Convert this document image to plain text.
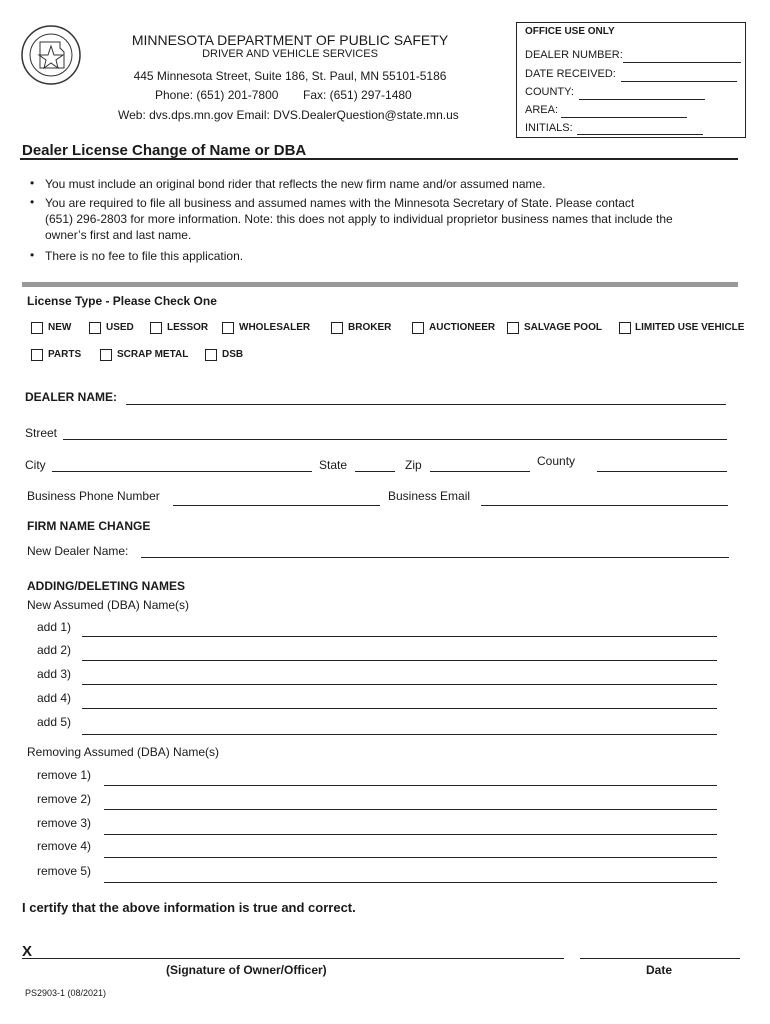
MINNESOTA DEPARTMENT OF PUBLIC SAFETY
DRIVER AND VEHICLE SERVICES
445 Minnesota Street, Suite 186, St. Paul, MN 55101-5186
Phone: (651) 201-7800 Fax: (651) 297-1480
Web: dvs.dps.mn.gov Email: DVS.DealerQuestion@state.mn.us
OFFICE USE ONLY
DEALER NUMBER:
DATE RECEIVED:
COUNTY:
AREA:
INITIALS:
Dealer License Change of Name or DBA
• You must include an original bond rider that reflects the new firm name and/or assumed name.
• You are required to file all business and assumed names with the Minnesota Secretary of State. Please contact
(651) 296-2803 for more information. Note: this does not apply to individual proprietor business names that include the
owner’s first and last name.
• There is no fee to file this application.
License Type - Please Check One
NEW	USED	LESSOR	WHOLESALER	BROKER	AUCTIONEER	SALVAGE POOL	LIMITED USE VEHICLE
PARTS	SCRAP METAL	DSB
DEALER NAME:
Street
City	State	Zip	County
Business Phone Number	Business Email
FIRM NAME CHANGE
New Dealer Name:
ADDING/DELETING NAMES
New Assumed (DBA) Name(s)
add 1)
add 2)
add 3)
add 4)
add 5)
Removing Assumed (DBA) Name(s)
remove 1)
remove 2)
remove 3)
remove 4)
remove 5)
I certify that the above information is true and correct.
X
(Signature of Owner/Officer)	Date
PS2903-1 (08/2021)
